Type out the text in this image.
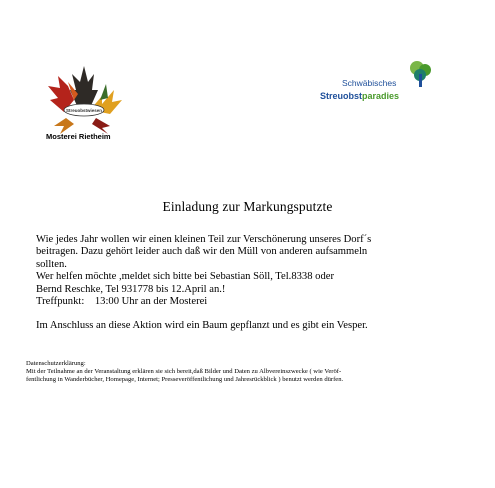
Streuobstwiesen
Mosterei Rietheim
Schwäbisches
Streuobstparadies
Einladung zur Markungsputzte
Wie jedes Jahr wollen wir einen kleinen Teil zur Verschönerung unseres Dorf´s
beitragen. Dazu gehört leider auch daß wir den Müll von anderen aufsammeln
sollten.
Wer helfen möchte ,meldet sich bitte bei Sebastian Söll, Tel.8338 oder
Bernd Reschke, Tel 931778 bis 12.April an.!
Treffpunkt:    13:00 Uhr an der Mosterei
Im Anschluss an diese Aktion wird ein Baum gepflanzt und es gibt ein Vesper.
Datenschutzerklärung:
Mit der Teilnahme an der Veranstaltung erklären sie sich bereit,daß Bilder und Daten zu Albvereinszwecke ( wie Veröf-
fentlichung in Wanderbücher, Homepage, Internet; Presseveröffentlichung und Jahresrückblick ) benutzt werden dürfen.
